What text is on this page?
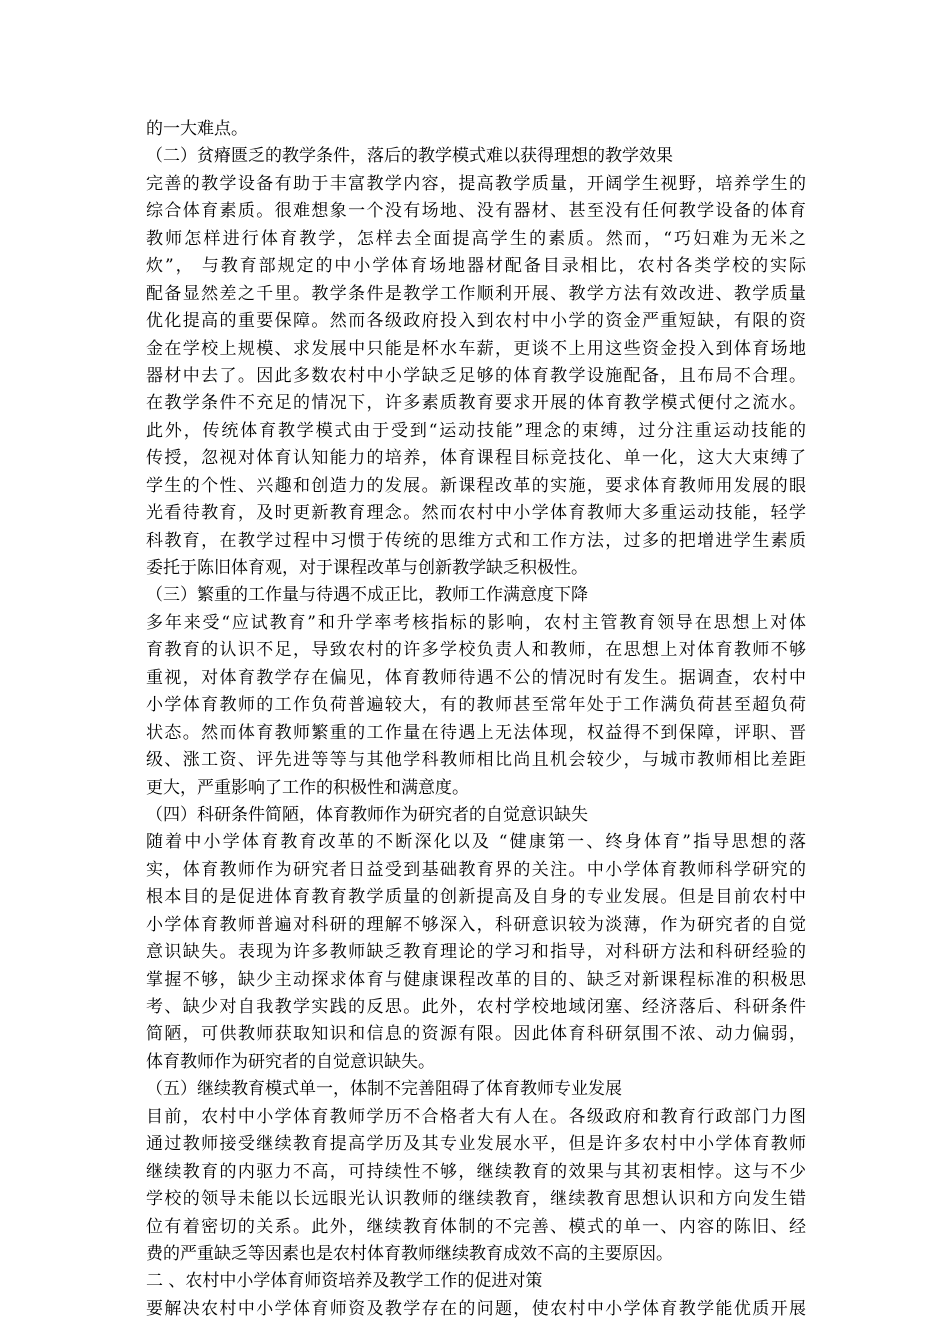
的一大难点。
（二）贫瘠匮乏的教学条件，落后的教学模式难以获得理想的教学效果
完善的教学设备有助于丰富教学内容，提高教学质量，开阔学生视野，培养学生的
综合体育素质。很难想象一个没有场地、没有器材、甚至没有任何教学设备的体育
教师怎样进行体育教学，怎样去全面提高学生的素质。然而，“巧妇难为无米之
炊”， 与教育部规定的中小学体育场地器材配备目录相比，农村各类学校的实际
配备显然差之千里。教学条件是教学工作顺利开展、教学方法有效改进、教学质量
优化提高的重要保障。然而各级政府投入到农村中小学的资金严重短缺，有限的资
金在学校上规模、求发展中只能是杯水车薪，更谈不上用这些资金投入到体育场地
器材中去了。因此多数农村中小学缺乏足够的体育教学设施配备，且布局不合理。
在教学条件不充足的情况下，许多素质教育要求开展的体育教学模式便付之流水。
此外，传统体育教学模式由于受到“运动技能”理念的束缚，过分注重运动技能的
传授，忽视对体育认知能力的培养，体育课程目标竞技化、单一化，这大大束缚了
学生的个性、兴趣和创造力的发展。新课程改革的实施，要求体育教师用发展的眼
光看待教育，及时更新教育理念。然而农村中小学体育教师大多重运动技能，轻学
科教育，在教学过程中习惯于传统的思维方式和工作方法，过多的把增进学生素质
委托于陈旧体育观，对于课程改革与创新教学缺乏积极性。
（三）繁重的工作量与待遇不成正比，教师工作满意度下降
多年来受“应试教育”和升学率考核指标的影响，农村主管教育领导在思想上对体
育教育的认识不足，导致农村的许多学校负责人和教师，在思想上对体育教师不够
重视，对体育教学存在偏见，体育教师待遇不公的情况时有发生。据调查，农村中
小学体育教师的工作负荷普遍较大，有的教师甚至常年处于工作满负荷甚至超负荷
状态。然而体育教师繁重的工作量在待遇上无法体现，权益得不到保障，评职、晋
级、涨工资、评先进等等与其他学科教师相比尚且机会较少，与城市教师相比差距
更大，严重影响了工作的积极性和满意度。
（四）科研条件简陋，体育教师作为研究者的自觉意识缺失
随着中小学体育教育改革的不断深化以及 “健康第一、终身体育”指导思想的落
实，体育教师作为研究者日益受到基础教育界的关注。中小学体育教师科学研究的
根本目的是促进体育教育教学质量的创新提高及自身的专业发展。但是目前农村中
小学体育教师普遍对科研的理解不够深入，科研意识较为淡薄，作为研究者的自觉
意识缺失。表现为许多教师缺乏教育理论的学习和指导，对科研方法和科研经验的
掌握不够，缺少主动探求体育与健康课程改革的目的、缺乏对新课程标准的积极思
考、缺少对自我教学实践的反思。此外，农村学校地域闭塞、经济落后、科研条件
简陋，可供教师获取知识和信息的资源有限。因此体育科研氛围不浓、动力偏弱，
体育教师作为研究者的自觉意识缺失。
（五）继续教育模式单一，体制不完善阻碍了体育教师专业发展
目前，农村中小学体育教师学历不合格者大有人在。各级政府和教育行政部门力图
通过教师接受继续教育提高学历及其专业发展水平，但是许多农村中小学体育教师
继续教育的内驱力不高，可持续性不够，继续教育的效果与其初衷相悖。这与不少
学校的领导未能以长远眼光认识教师的继续教育，继续教育思想认识和方向发生错
位有着密切的关系。此外，继续教育体制的不完善、模式的单一、内容的陈旧、经
费的严重缺乏等因素也是农村体育教师继续教育成效不高的主要原因。
二 、农村中小学体育师资培养及教学工作的促进对策
要解决农村中小学体育师资及教学存在的问题，使农村中小学体育教学能优质开展
